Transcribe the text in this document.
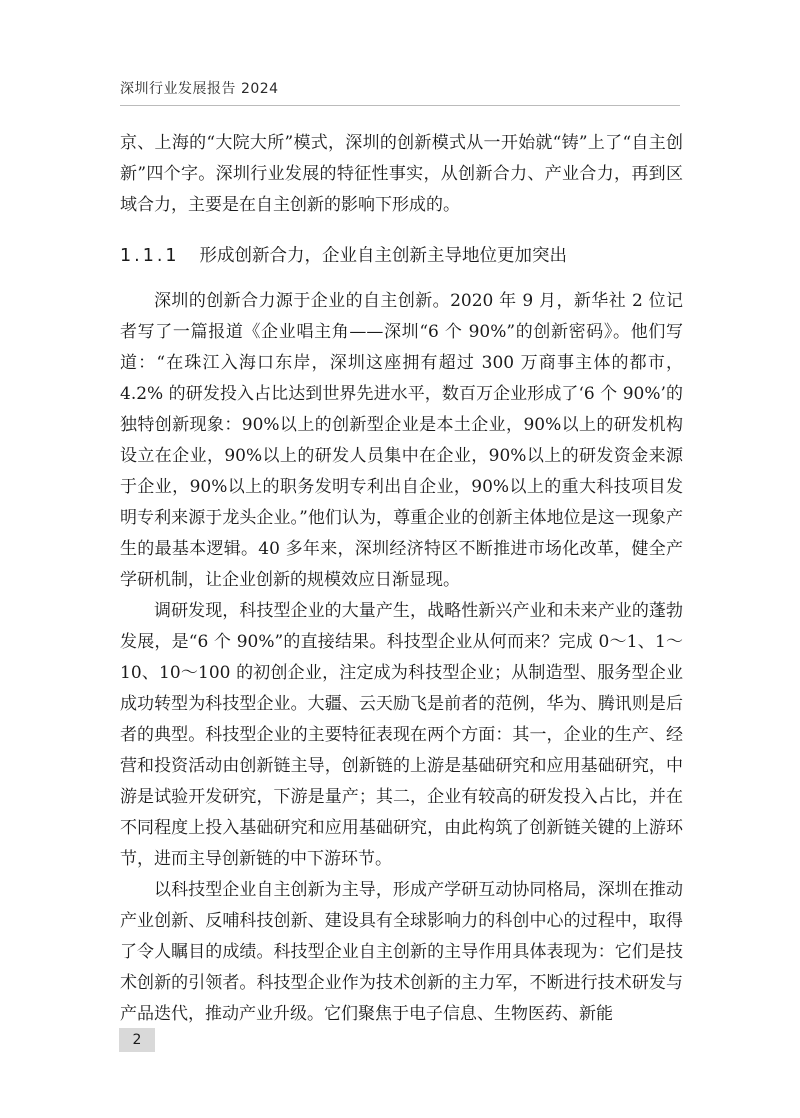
深圳行业发展报告 2024

京、上海的“大院大所”模式，深圳的创新模式从一开始就“铸”上了“自主创新”四个字。深圳行业发展的特征性事实，从创新合力、产业合力，再到区域合力，主要是在自主创新的影响下形成的。

1.1.1 形成创新合力，企业自主创新主导地位更加突出

深圳的创新合力源于企业的自主创新。2020 年 9 月，新华社 2 位记者写了一篇报道《企业唱主角——深圳“6 个 90%”的创新密码》。他们写道：“在珠江入海口东岸，深圳这座拥有超过 300 万商事主体的都市，4.2% 的研发投入占比达到世界先进水平，数百万企业形成了‘6 个 90%’的独特创新现象：90%以上的创新型企业是本土企业，90%以上的研发机构设立在企业，90%以上的研发人员集中在企业，90%以上的研发资金来源于企业，90%以上的职务发明专利出自企业，90%以上的重大科技项目发明专利来源于龙头企业。”他们认为，尊重企业的创新主体地位是这一现象产生的最基本逻辑。40 多年来，深圳经济特区不断推进市场化改革，健全产学研机制，让企业创新的规模效应日渐显现。

调研发现，科技型企业的大量产生，战略性新兴产业和未来产业的蓬勃发展，是“6 个 90%”的直接结果。科技型企业从何而来？完成 0～1、1～10、10～100 的初创企业，注定成为科技型企业；从制造型、服务型企业成功转型为科技型企业。大疆、云天励飞是前者的范例，华为、腾讯则是后者的典型。科技型企业的主要特征表现在两个方面：其一，企业的生产、经营和投资活动由创新链主导，创新链的上游是基础研究和应用基础研究，中游是试验开发研究，下游是量产；其二，企业有较高的研发投入占比，并在不同程度上投入基础研究和应用基础研究，由此构筑了创新链关键的上游环节，进而主导创新链的中下游环节。

以科技型企业自主创新为主导，形成产学研互动协同格局，深圳在推动产业创新、反哺科技创新、建设具有全球影响力的科创中心的过程中，取得了令人瞩目的成绩。科技型企业自主创新的主导作用具体表现为：它们是技术创新的引领者。科技型企业作为技术创新的主力军，不断进行技术研发与产品迭代，推动产业升级。它们聚焦于电子信息、生物医药、新能

2
